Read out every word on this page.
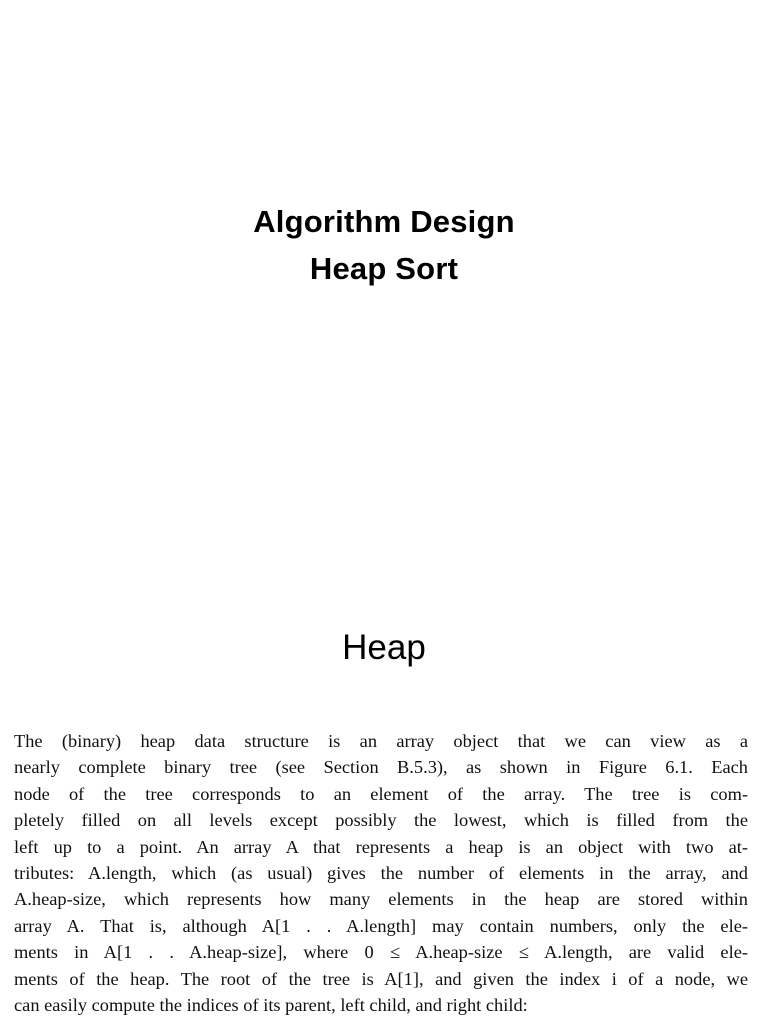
Algorithm Design
Heap Sort
Heap
The (binary) heap data structure is an array object that we can view as a
nearly complete binary tree (see Section B.5.3), as shown in Figure 6.1. Each
node of the tree corresponds to an element of the array. The tree is com-
pletely filled on all levels except possibly the lowest, which is filled from the
left up to a point. An array A that represents a heap is an object with two at-
tributes: A.length, which (as usual) gives the number of elements in the array, and
A.heap-size, which represents how many elements in the heap are stored within
array A. That is, although A[1 . . A.length] may contain numbers, only the ele-
ments in A[1 . . A.heap-size], where 0 ≤ A.heap-size ≤ A.length, are valid ele-
ments of the heap. The root of the tree is A[1], and given the index i of a node, we
can easily compute the indices of its parent, left child, and right child:
